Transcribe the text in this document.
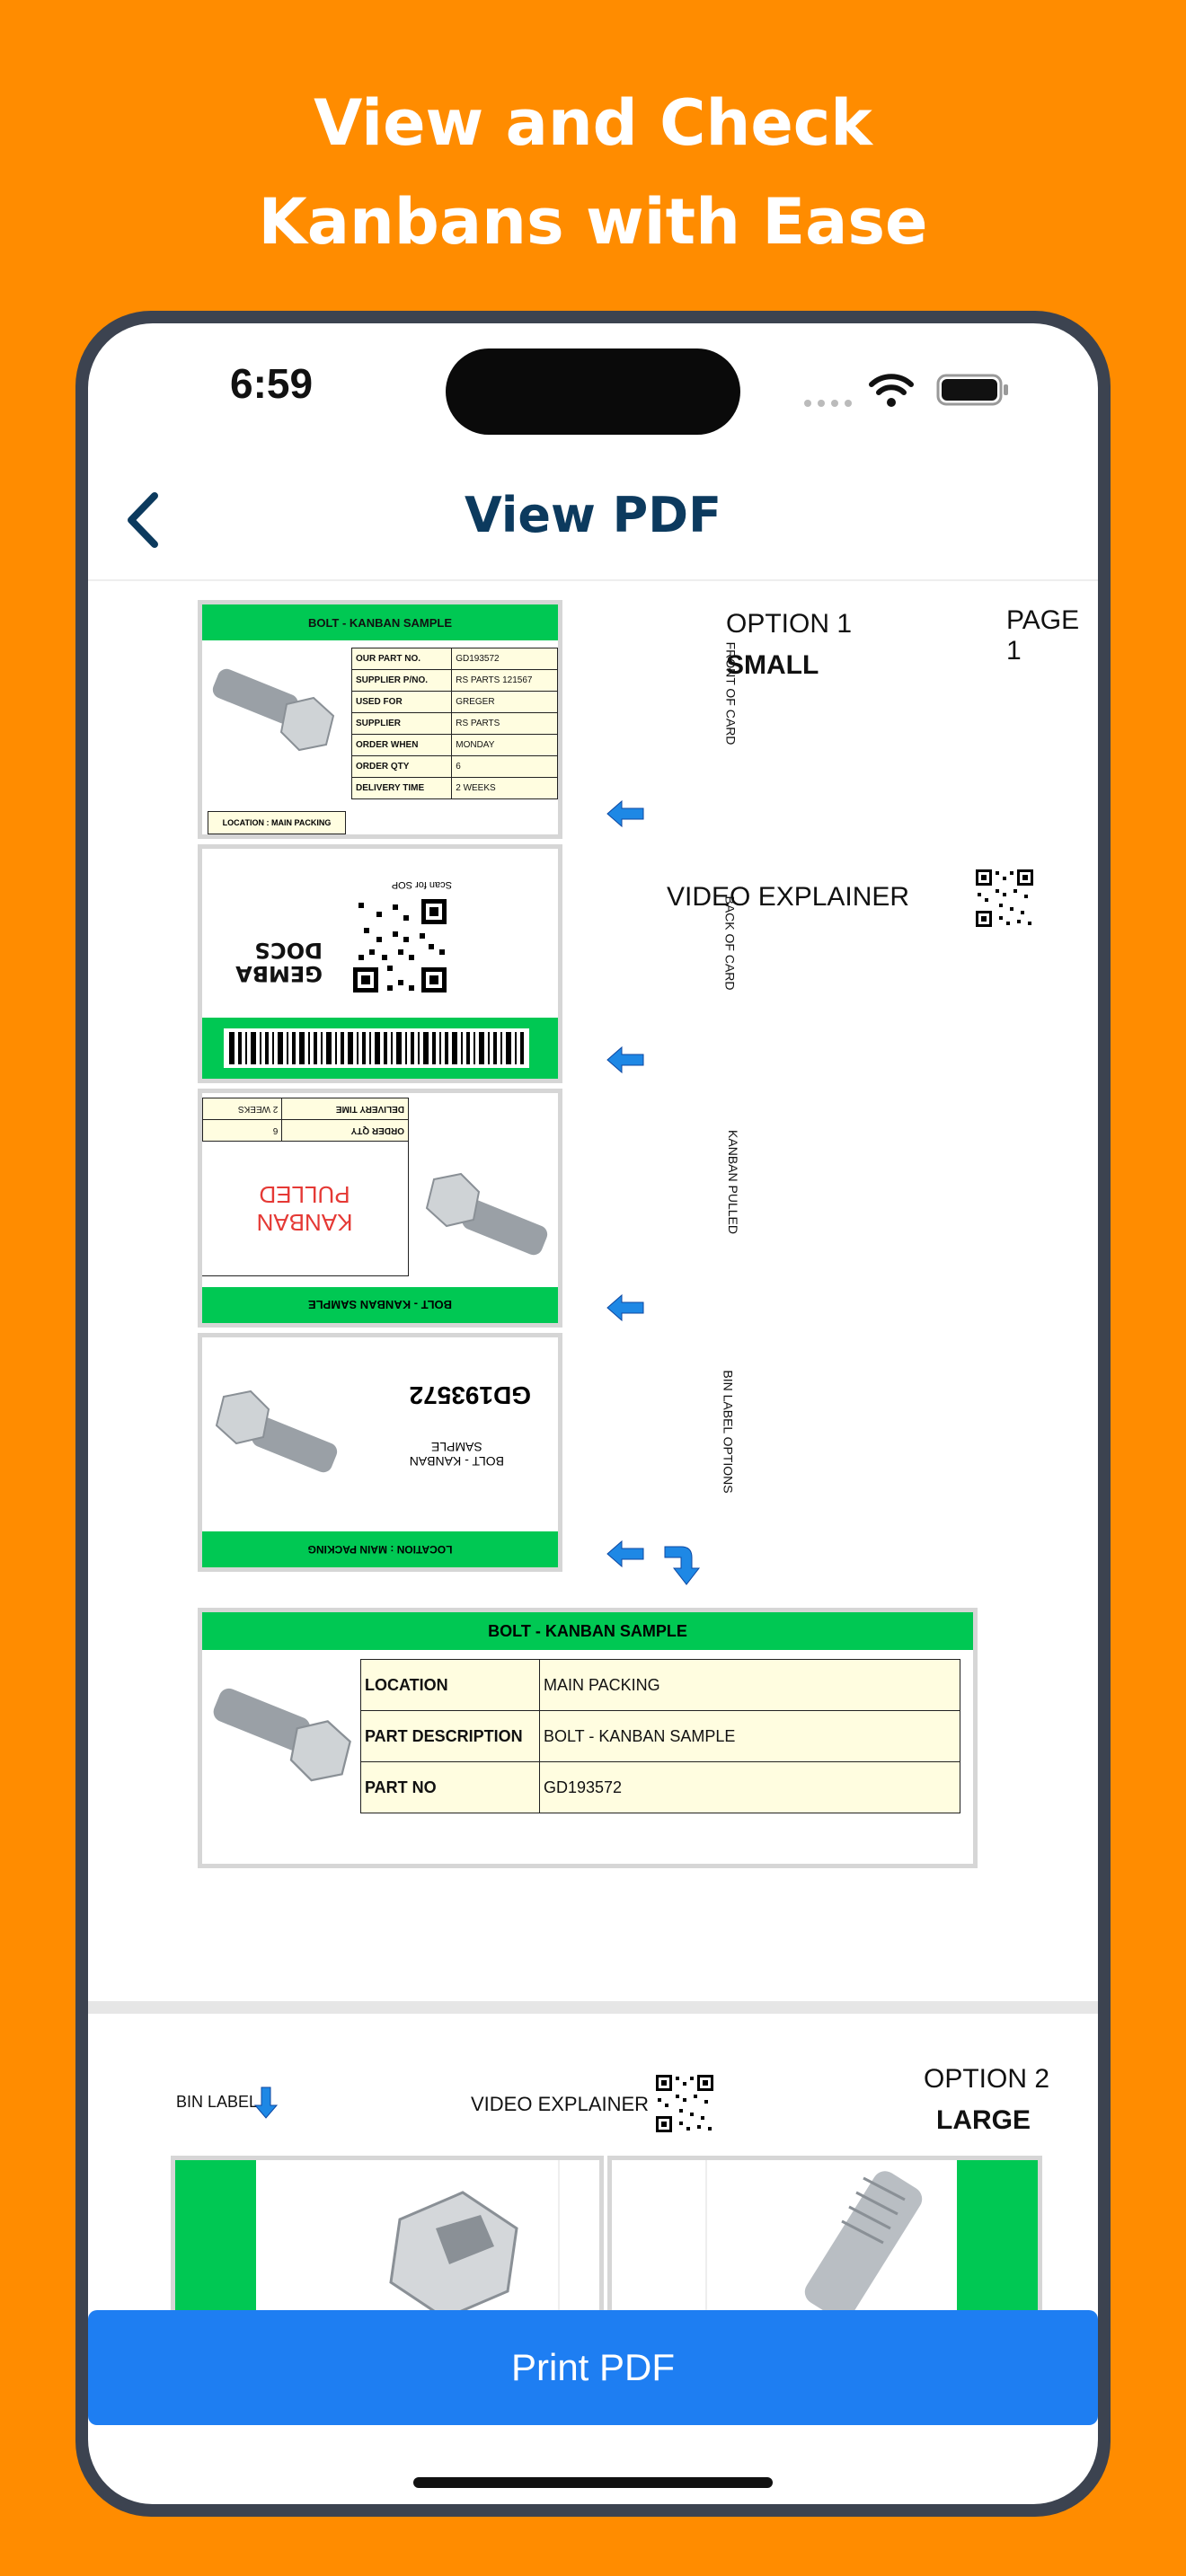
View and Check
Kanbans with Ease
6:59
View PDF
BOLT - KANBAN SAMPLE
OUR PART NO.	GD193572
SUPPLIER P/NO.	RS PARTS 121567
USED FOR	GREGER
SUPPLIER	RS PARTS
ORDER WHEN	MONDAY
ORDER QTY	6
DELIVERY TIME	2 WEEKS
LOCATION : MAIN PACKING
Scan for SOP
GEMBA
DOCS
BOLT - KANBAN SAMPLE
KANBAN
PULLED
ORDER QTY	6
DELIVERY TIME	2 WEEKS
LOCATION : MAIN PACKING
GD193572
BOLT - KANBAN
SAMPLE
FRONT OF CARD
BACK OF CARD
KANBAN PULLED
BIN LABEL OPTIONS
OPTION 1
SMALL
PAGE 1
VIDEO EXPLAINER
BOLT - KANBAN SAMPLE
LOCATION	MAIN PACKING
PART DESCRIPTION	BOLT - KANBAN SAMPLE
PART NO	GD193572
BIN LABEL	VIDEO EXPLAINER
OPTION 2
LARGE
Print PDF
